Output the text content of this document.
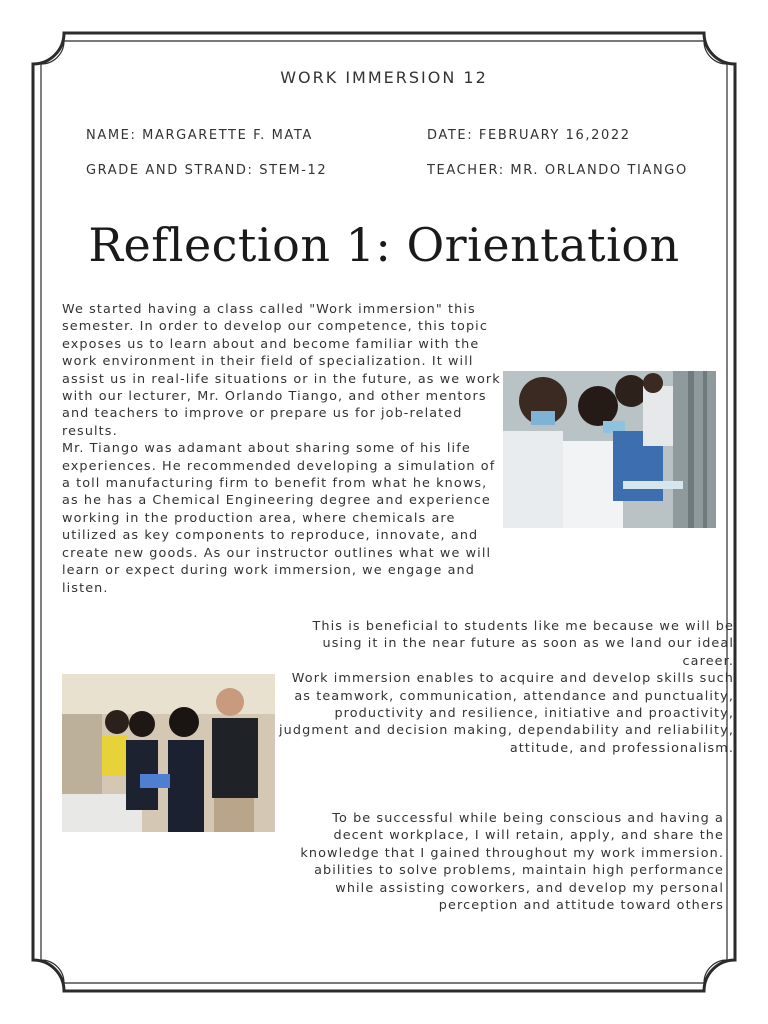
WORK IMMERSION 12
NAME: MARGARETTE F. MATA	DATE: FEBRUARY 16,2022
GRADE AND STRAND: STEM-12	TEACHER: MR. ORLANDO TIANGO
Reflection 1: Orientation

We started having a class called "Work immersion" this semester. In order to develop our competence, this topic exposes us to learn about and become familiar with the work environment in their field of specialization. It will assist us in real-life situations or in the future, as we work with our lecturer, Mr. Orlando Tiango, and other mentors and teachers to improve or prepare us for job-related results.

Mr. Tiango was adamant about sharing some of his life experiences. He recommended developing a simulation of a toll manufacturing firm to benefit from what he knows, as he has a Chemical Engineering degree and experience working in the production area, where chemicals are utilized as key components to reproduce, innovate, and create new goods. As our instructor outlines what we will learn or expect during work immersion, we engage and listen.

This is beneficial to students like me because we will be using it in the near future as soon as we land our ideal career.

Work immersion enables to acquire and develop skills such as teamwork, communication, attendance and punctuality, productivity and resilience, initiative and proactivity, judgment and decision making, dependability and reliability, attitude, and professionalism.

To be successful while being conscious and having a decent workplace, I will retain, apply, and share the knowledge that I gained throughout my work immersion. abilities to solve problems, maintain high performance while assisting coworkers, and develop my personal perception and attitude toward others
